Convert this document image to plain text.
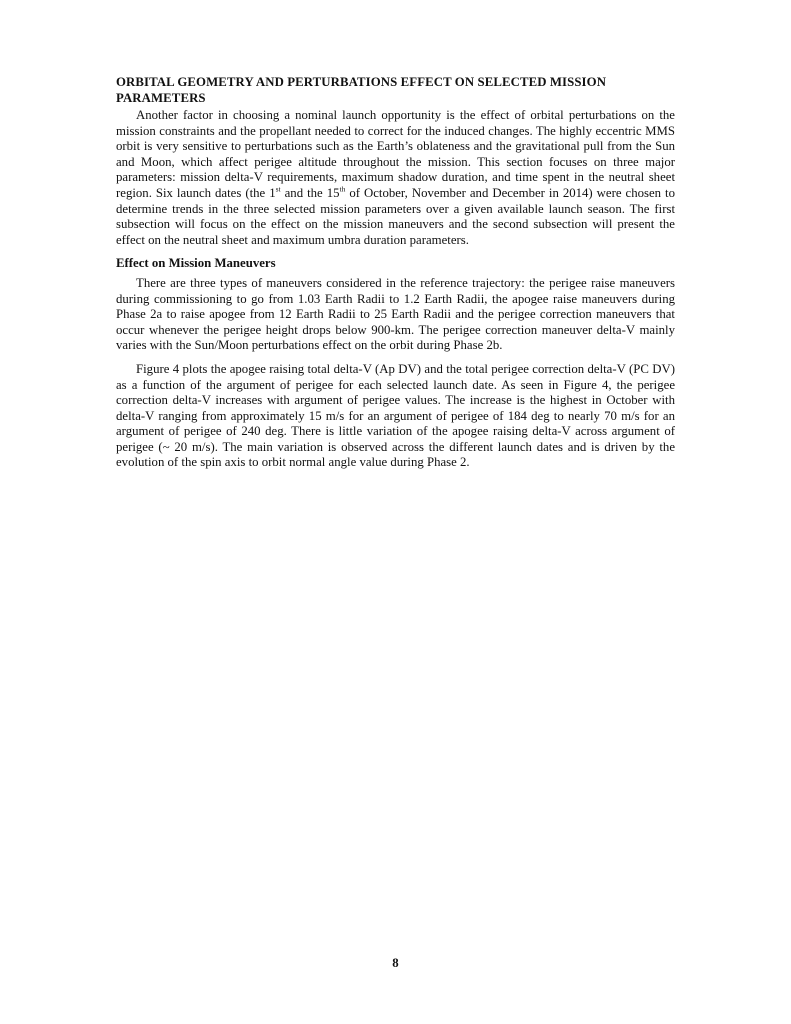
ORBITAL GEOMETRY AND PERTURBATIONS EFFECT ON SELECTED MISSION PARAMETERS

Another factor in choosing a nominal launch opportunity is the effect of orbital perturbations on the mission constraints and the propellant needed to correct for the induced changes. The highly eccentric MMS orbit is very sensitive to perturbations such as the Earth’s oblateness and the gravitational pull from the Sun and Moon, which affect perigee altitude throughout the mission. This section focuses on three major parameters: mission delta-V requirements, maximum shadow duration, and time spent in the neutral sheet region. Six launch dates (the 1st and the 15th of October, November and December in 2014) were chosen to determine trends in the three selected mission parameters over a given available launch season. The first subsection will focus on the effect on the mission maneuvers and the second subsection will present the effect on the neutral sheet and maximum umbra duration parameters.

Effect on Mission Maneuvers

There are three types of maneuvers considered in the reference trajectory: the perigee raise maneuvers during commissioning to go from 1.03 Earth Radii to 1.2 Earth Radii, the apogee raise maneuvers during Phase 2a to raise apogee from 12 Earth Radii to 25 Earth Radii and the perigee correction maneuvers that occur whenever the perigee height drops below 900-km. The perigee correction maneuver delta-V mainly varies with the Sun/Moon perturbations effect on the orbit during Phase 2b.

Figure 4 plots the apogee raising total delta-V (Ap DV) and the total perigee correction delta-V (PC DV) as a function of the argument of perigee for each selected launch date. As seen in Figure 4, the perigee correction delta-V increases with argument of perigee values. The increase is the highest in October with delta-V ranging from approximately 15 m/s for an argument of perigee of 184 deg to nearly 70 m/s for an argument of perigee of 240 deg. There is little variation of the apogee raising delta-V across argument of perigee (~ 20 m/s). The main variation is observed across the different launch dates and is driven by the evolution of the spin axis to orbit normal angle value during Phase 2.

8
